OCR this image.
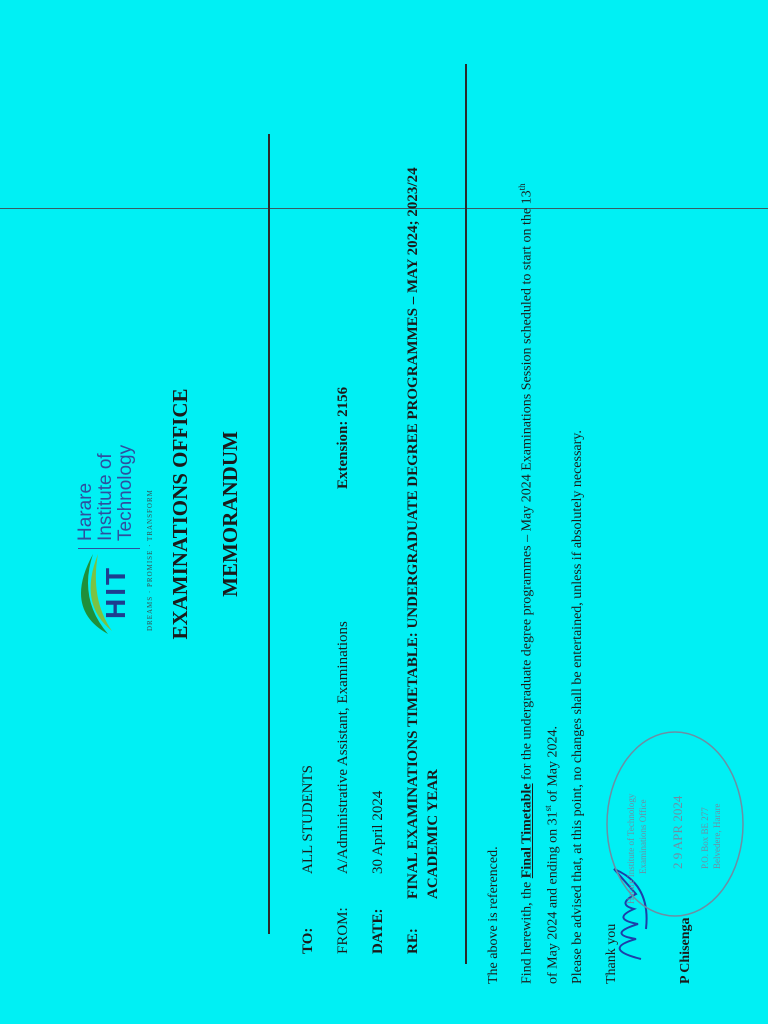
HIT
Harare Institute of Technology DREAMS · PROMISE · TRANSFORM EXAMINATIONS OFFICE MEMORANDUM
TO:
ALL STUDENTS
FROM:
A/Administrative Assistant, Examinations
Extension: 2156
DATE:
30 April 2024
RE:
FINAL EXAMINATIONS TIMETABLE: UNDERGRADUATE DEGREE PROGRAMMES – MAY 2024; 2023/24 ACADEMIC YEAR
The above is referenced.	Find herewith, the Final Timetable for the undergraduate degree programmes – May 2024 Examinations Session scheduled to start on the 13th
of May 2024 and ending on 31st of May 2024. Please be advised that, at this point, no changes shall be entertained, unless if absolutely necessary. Thank you
Harare Institute of Technology Examinations Office 2 9 APR 2024 P.O. Box BE 277 Belvedere, Harare
P Chisenga
